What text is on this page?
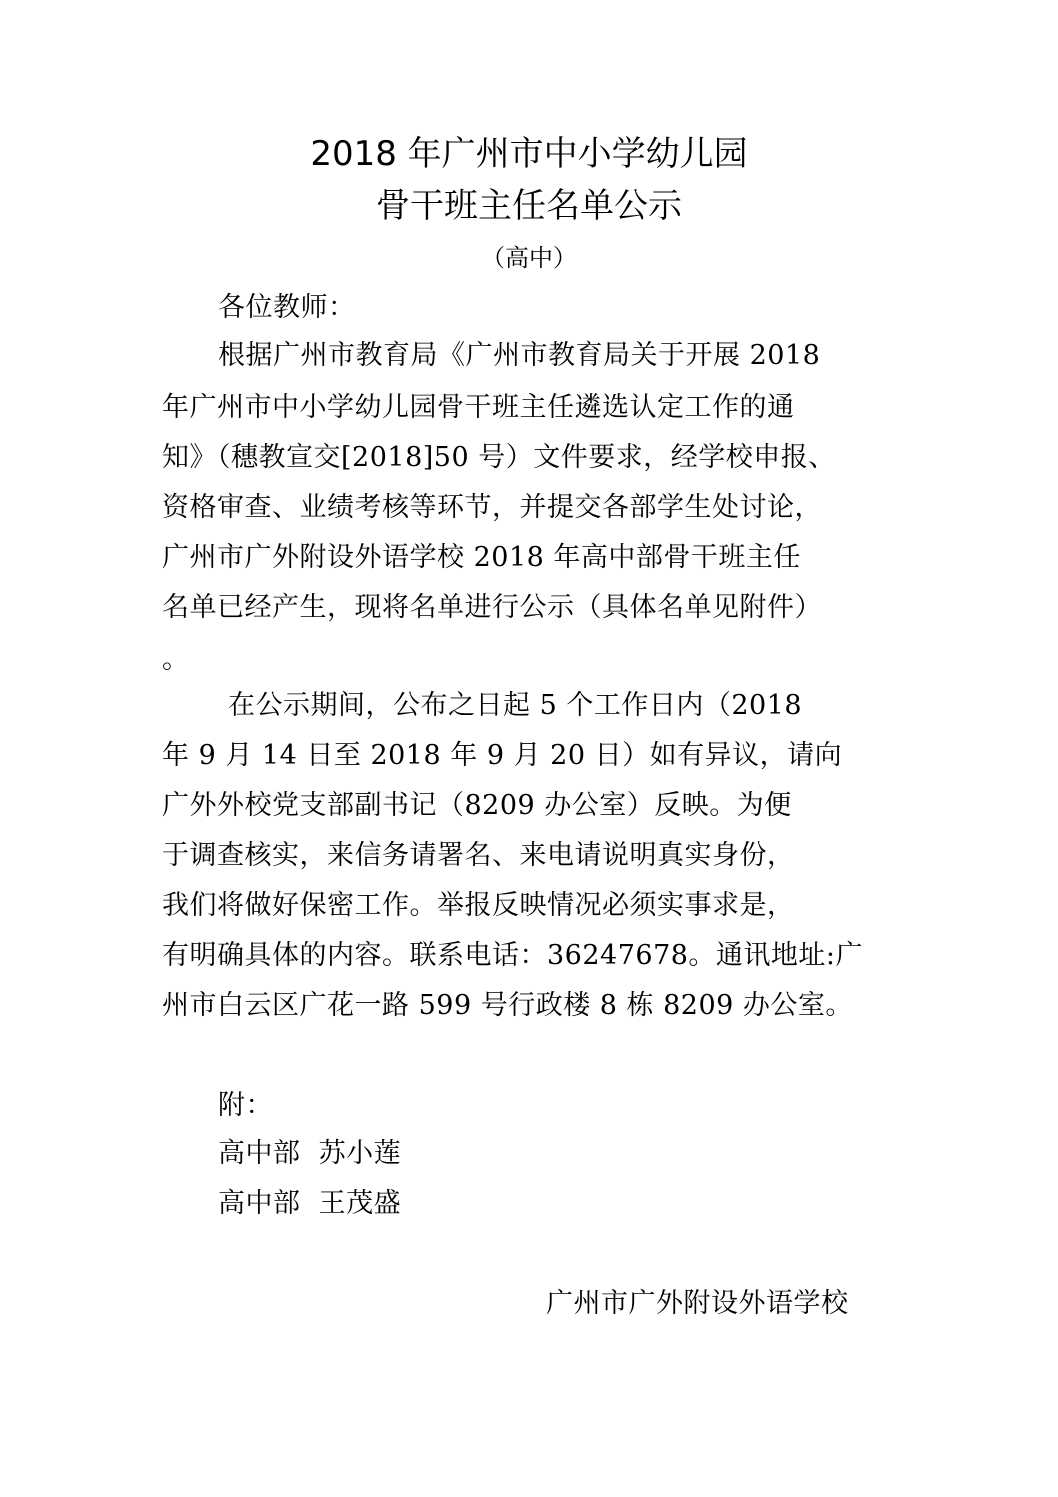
2018 年广州市中小学幼儿园
骨干班主任名单公示
（高中）
各位教师：
根据广州市教育局《广州市教育局关于开展 2018
年广州市中小学幼儿园骨干班主任遴选认定工作的通
知》（穗教宣交[2018]50 号）文件要求，经学校申报、
资格审查、业绩考核等环节，并提交各部学生处讨论，
广州市广外附设外语学校 2018 年高中部骨干班主任
名单已经产生，现将名单进行公示（具体名单见附件）
。
在公示期间，公布之日起 5 个工作日内（2018
年 9 月 14 日至 2018 年 9 月 20 日）如有异议，请向
广外外校党支部副书记（8209 办公室）反映。为便
于调查核实，来信务请署名、来电请说明真实身份，
我们将做好保密工作。举报反映情况必须实事求是，
有明确具体的内容。联系电话：36247678。通讯地址:广
州市白云区广花一路 599 号行政楼 8 栋 8209 办公室。
附：
高中部  苏小莲
高中部  王茂盛
广州市广外附设外语学校
